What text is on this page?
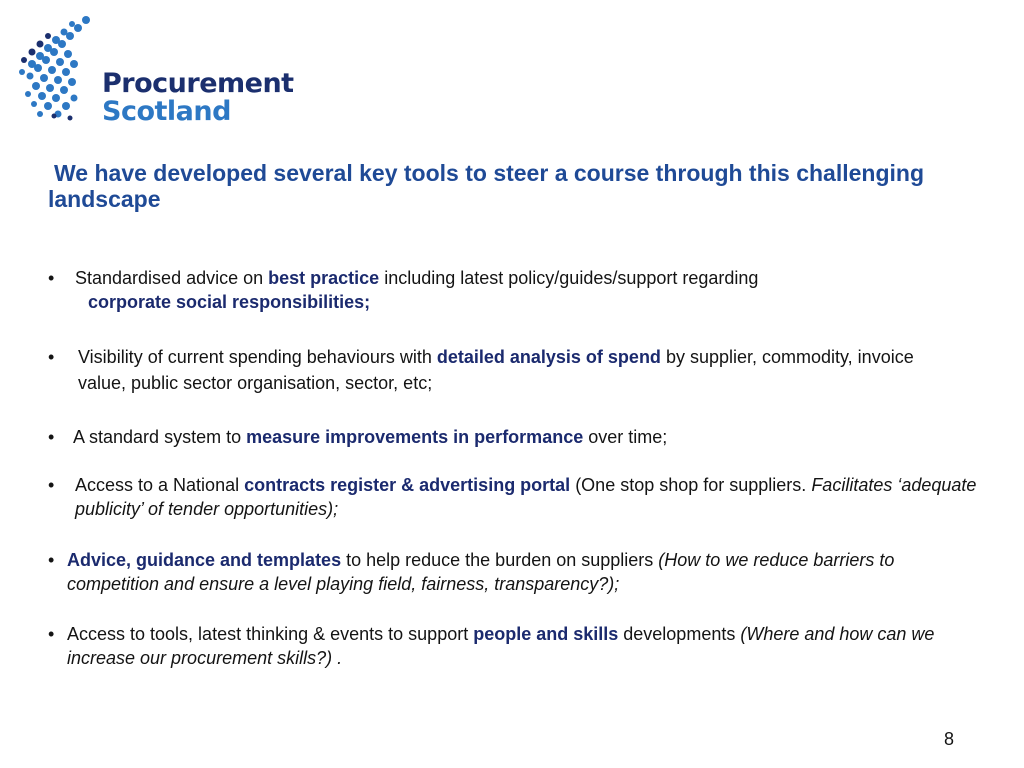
Procurement
Scotland
We have developed several key tools to steer a course through this challenging landscape
•	Standardised advice on best practice including latest policy/guides/support regarding
corporate social responsibilities;
•	Visibility of current spending behaviours with detailed analysis of spend by supplier, commodity, invoice value, public sector organisation, sector, etc;
•	A standard system to measure improvements in performance over time;
•	Access to a National contracts register & advertising portal (One stop shop for suppliers. Facilitates ‘adequate publicity’ of tender opportunities);
• Advice, guidance and templates to help reduce the burden on suppliers (How to we reduce barriers to competition and ensure a level playing field, fairness, transparency?);
• Access to tools, latest thinking & events to support people and skills developments (Where and how can we increase our procurement skills?) .
8
